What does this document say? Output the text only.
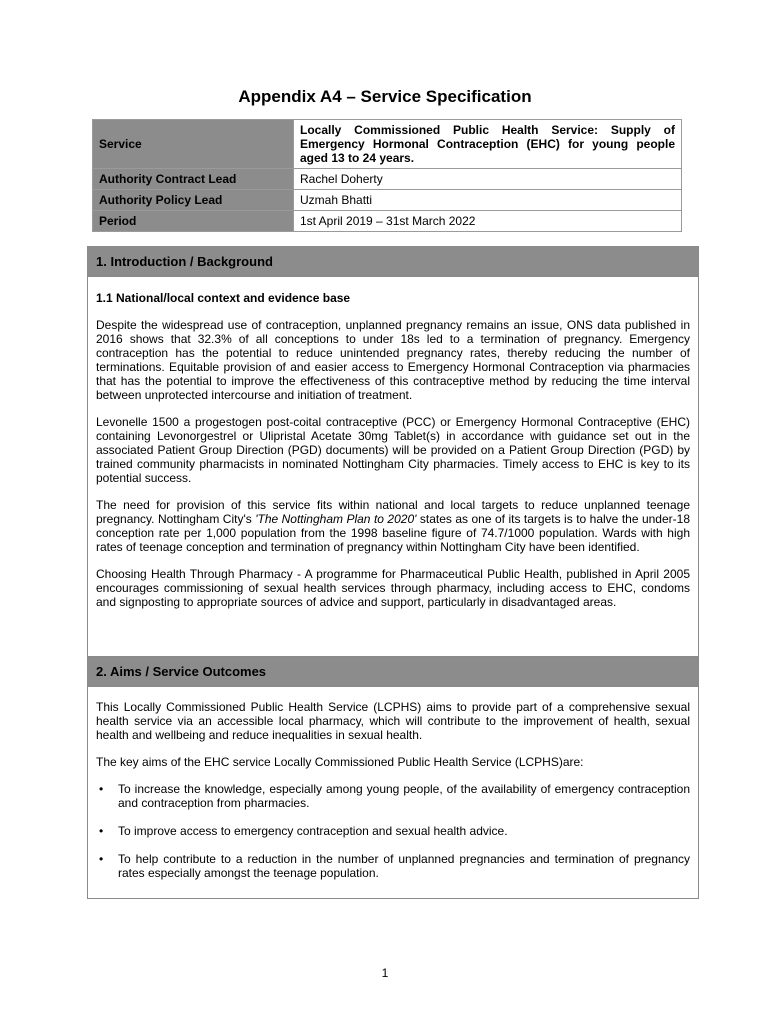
Appendix A4 – Service Specification
Service	Locally Commissioned Public Health Service: Supply of Emergency Hormonal Contraception (EHC) for young people aged 13 to 24 years.
Authority Contract Lead	Rachel Doherty
Authority Policy Lead	Uzmah Bhatti
Period	1st April 2019 – 31st March 2022
1. Introduction / Background
1.1 National/local context and evidence base

Despite the widespread use of contraception, unplanned pregnancy remains an issue, ONS data published in 2016 shows that 32.3% of all conceptions to under 18s led to a termination of pregnancy. Emergency contraception has the potential to reduce unintended pregnancy rates, thereby reducing the number of terminations. Equitable provision of and easier access to Emergency Hormonal Contraception via pharmacies that has the potential to improve the effectiveness of this contraceptive method by reducing the time interval between unprotected intercourse and initiation of treatment.

Levonelle 1500 a progestogen post-coital contraceptive (PCC) or Emergency Hormonal Contraceptive (EHC) containing Levonorgestrel or Ulipristal Acetate 30mg Tablet(s) in accordance with guidance set out in the associated Patient Group Direction (PGD) documents) will be provided on a Patient Group Direction (PGD) by trained community pharmacists in nominated Nottingham City pharmacies. Timely access to EHC is key to its potential success.

The need for provision of this service fits within national and local targets to reduce unplanned teenage pregnancy. Nottingham City's 'The Nottingham Plan to 2020' states as one of its targets is to halve the under-18 conception rate per 1,000 population from the 1998 baseline figure of 74.7/1000 population. Wards with high rates of teenage conception and termination of pregnancy within Nottingham City have been identified.

Choosing Health Through Pharmacy - A programme for Pharmaceutical Public Health, published in April 2005 encourages commissioning of sexual health services through pharmacy, including access to EHC, condoms and signposting to appropriate sources of advice and support, particularly in disadvantaged areas.

2. Aims / Service Outcomes

This Locally Commissioned Public Health Service (LCPHS) aims to provide part of a comprehensive sexual health service via an accessible local pharmacy, which will contribute to the improvement of health, sexual health and wellbeing and reduce inequalities in sexual health.

The key aims of the EHC service Locally Commissioned Public Health Service (LCPHS)are:

• To increase the knowledge, especially among young people, of the availability of emergency contraception and contraception from pharmacies.
• To improve access to emergency contraception and sexual health advice.
• To help contribute to a reduction in the number of unplanned pregnancies and termination of pregnancy rates especially amongst the teenage population.
1
